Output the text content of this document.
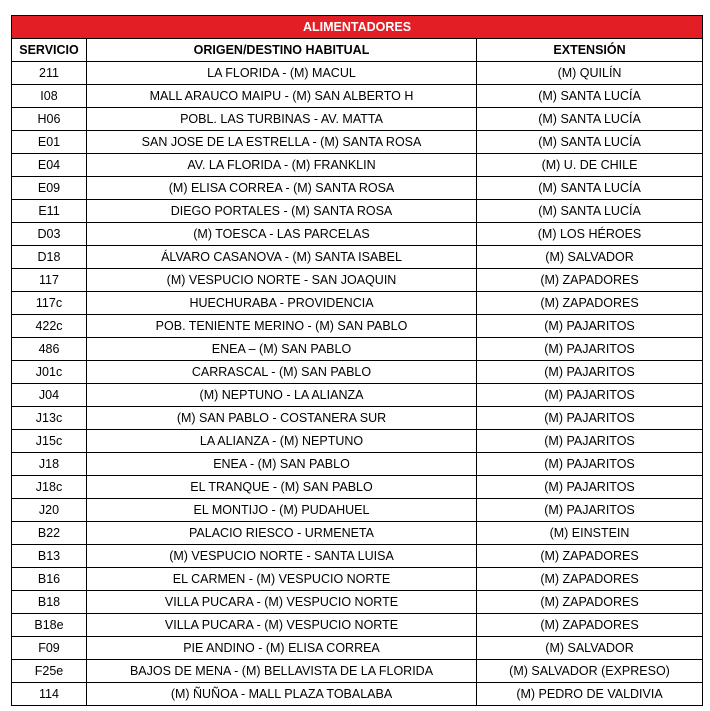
ALIMENTADORES		
SERVICIO	ORIGEN/DESTINO HABITUAL	EXTENSIÓN
211	LA FLORIDA - (M) MACUL	(M) QUILÍN
I08	MALL ARAUCO MAIPU - (M) SAN ALBERTO H	(M) SANTA LUCÍA
H06	POBL. LAS TURBINAS - AV. MATTA	(M) SANTA LUCÍA
E01	SAN JOSE DE LA ESTRELLA - (M) SANTA ROSA	(M) SANTA LUCÍA
E04	AV. LA FLORIDA - (M) FRANKLIN	(M) U. DE CHILE
E09	(M) ELISA CORREA - (M) SANTA ROSA	(M) SANTA LUCÍA
E11	DIEGO PORTALES - (M) SANTA ROSA	(M) SANTA LUCÍA
D03	(M) TOESCA - LAS PARCELAS	(M) LOS HÉROES
D18	ÁLVARO CASANOVA - (M) SANTA ISABEL	(M) SALVADOR
117	(M) VESPUCIO NORTE - SAN JOAQUIN	(M) ZAPADORES
117c	HUECHURABA - PROVIDENCIA	(M) ZAPADORES
422c	POB. TENIENTE MERINO - (M) SAN PABLO	(M) PAJARITOS
486	ENEA – (M) SAN PABLO	(M) PAJARITOS
J01c	CARRASCAL - (M) SAN PABLO	(M) PAJARITOS
J04	(M) NEPTUNO - LA ALIANZA	(M) PAJARITOS
J13c	(M) SAN PABLO - COSTANERA SUR	(M) PAJARITOS
J15c	LA ALIANZA - (M) NEPTUNO	(M) PAJARITOS
J18	ENEA - (M) SAN PABLO	(M) PAJARITOS
J18c	EL TRANQUE - (M) SAN PABLO	(M) PAJARITOS
J20	EL MONTIJO - (M) PUDAHUEL	(M) PAJARITOS
B22	PALACIO RIESCO - URMENETA	(M) EINSTEIN
B13	(M) VESPUCIO NORTE - SANTA LUISA	(M) ZAPADORES
B16	EL CARMEN - (M) VESPUCIO NORTE	(M) ZAPADORES
B18	VILLA PUCARA - (M) VESPUCIO NORTE	(M) ZAPADORES
B18e	VILLA PUCARA - (M) VESPUCIO NORTE	(M) ZAPADORES
F09	PIE ANDINO - (M) ELISA CORREA	(M) SALVADOR
F25e	BAJOS DE MENA - (M) BELLAVISTA DE LA FLORIDA	(M) SALVADOR (EXPRESO)
114	(M) ÑUÑOA - MALL PLAZA TOBALABA	(M) PEDRO DE VALDIVIA
